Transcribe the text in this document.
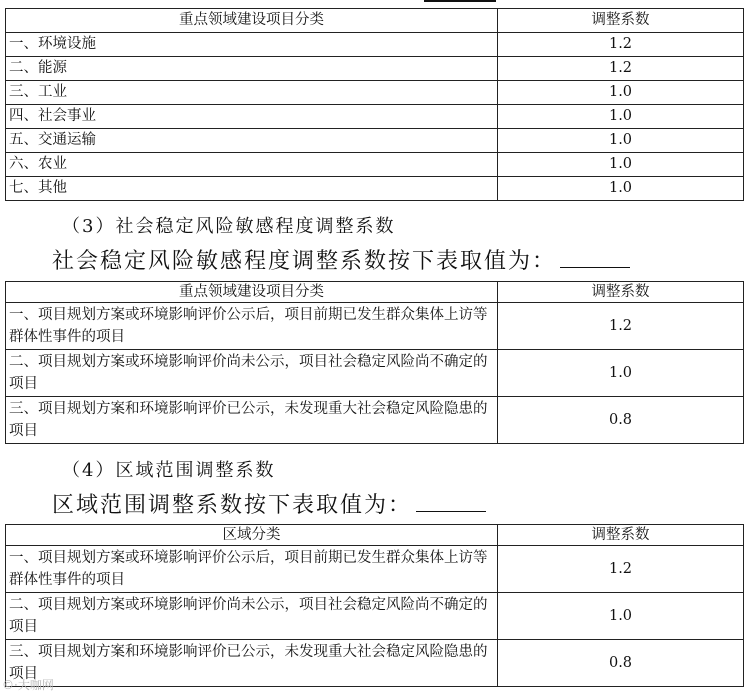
重点领域建设项目分类	调整系数
一、环境设施	1.2
二、能源	1.2
三、工业	1.0
四、社会事业	1.0
五、交通运输	1.0
六、农业	1.0
七、其他	1.0
（3）社会稳定风险敏感程度调整系数
社会稳定风险敏感程度调整系数按下表取值为：
重点领域建设项目分类	调整系数
一、项目规划方案或环境影响评价公示后，项目前期已发生群众集体上访等群体性事件的项目	1.2
二、项目规划方案或环境影响评价尚未公示，项目社会稳定风险尚不确定的项目	1.0
三、项目规划方案和环境影响评价已公示，未发现重大社会稳定风险隐患的项目	0.8
（4）区域范围调整系数
区域范围调整系数按下表取值为：
区域分类	调整系数
一、项目规划方案或环境影响评价公示后，项目前期已发生群众集体上访等群体性事件的项目	1.2
二、项目规划方案或环境影响评价尚未公示，项目社会稳定风险尚不确定的项目	1.0
三、项目规划方案和环境影响评价已公示，未发现重大社会稳定风险隐患的项目	0.8
©·大咖网
